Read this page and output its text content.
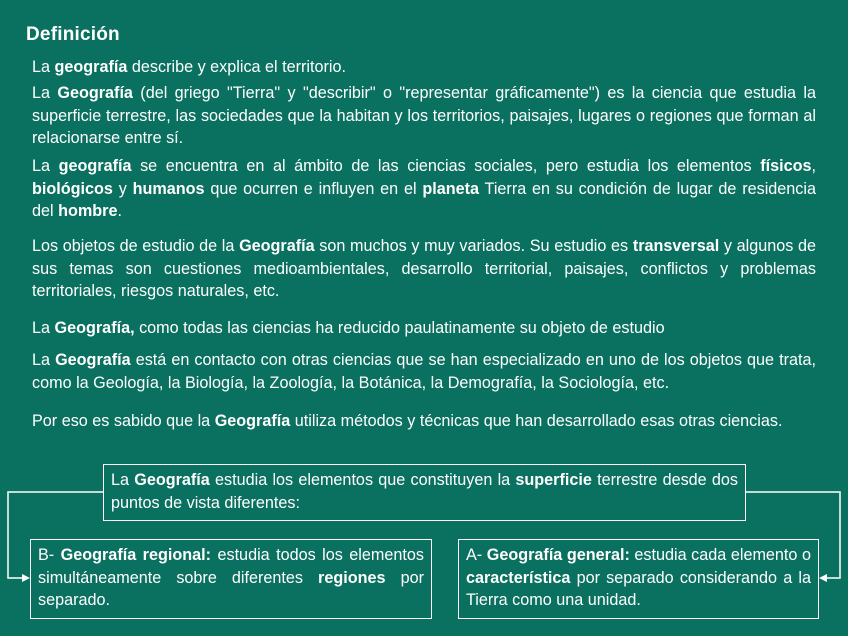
Definición
La geografía describe y explica el territorio.
La Geografía (del griego "Tierra" y "describir" o "representar gráficamente") es la ciencia que estudia la superficie terrestre, las sociedades que la habitan y los territorios, paisajes, lugares o regiones que forman al relacionarse entre sí.
La geografía se encuentra en al ámbito de las ciencias sociales, pero estudia los elementos físicos, biológicos y humanos que ocurren e influyen en el planeta Tierra en su condición de lugar de residencia del hombre.
Los objetos de estudio de la Geografía son muchos y muy variados. Su estudio es transversal y algunos de sus temas son cuestiones medioambientales, desarrollo territorial, paisajes, conflictos y problemas territoriales, riesgos naturales, etc.
La Geografía, como todas las ciencias ha reducido paulatinamente su objeto de estudio
La Geografía está en contacto con otras ciencias que se han especializado en uno de los objetos que trata, como la Geología, la Biología, la Zoología, la Botánica, la Demografía, la Sociología, etc.
Por eso es sabido que la Geografía utiliza métodos y técnicas que han desarrollado esas otras ciencias.
La Geografía estudia los elementos que constituyen la superficie terrestre desde dos puntos de vista diferentes:
B- Geografía regional: estudia todos los elementos simultáneamente sobre diferentes regiones por separado.
A- Geografía general: estudia cada elemento o característica por separado considerando a la Tierra como una unidad.
